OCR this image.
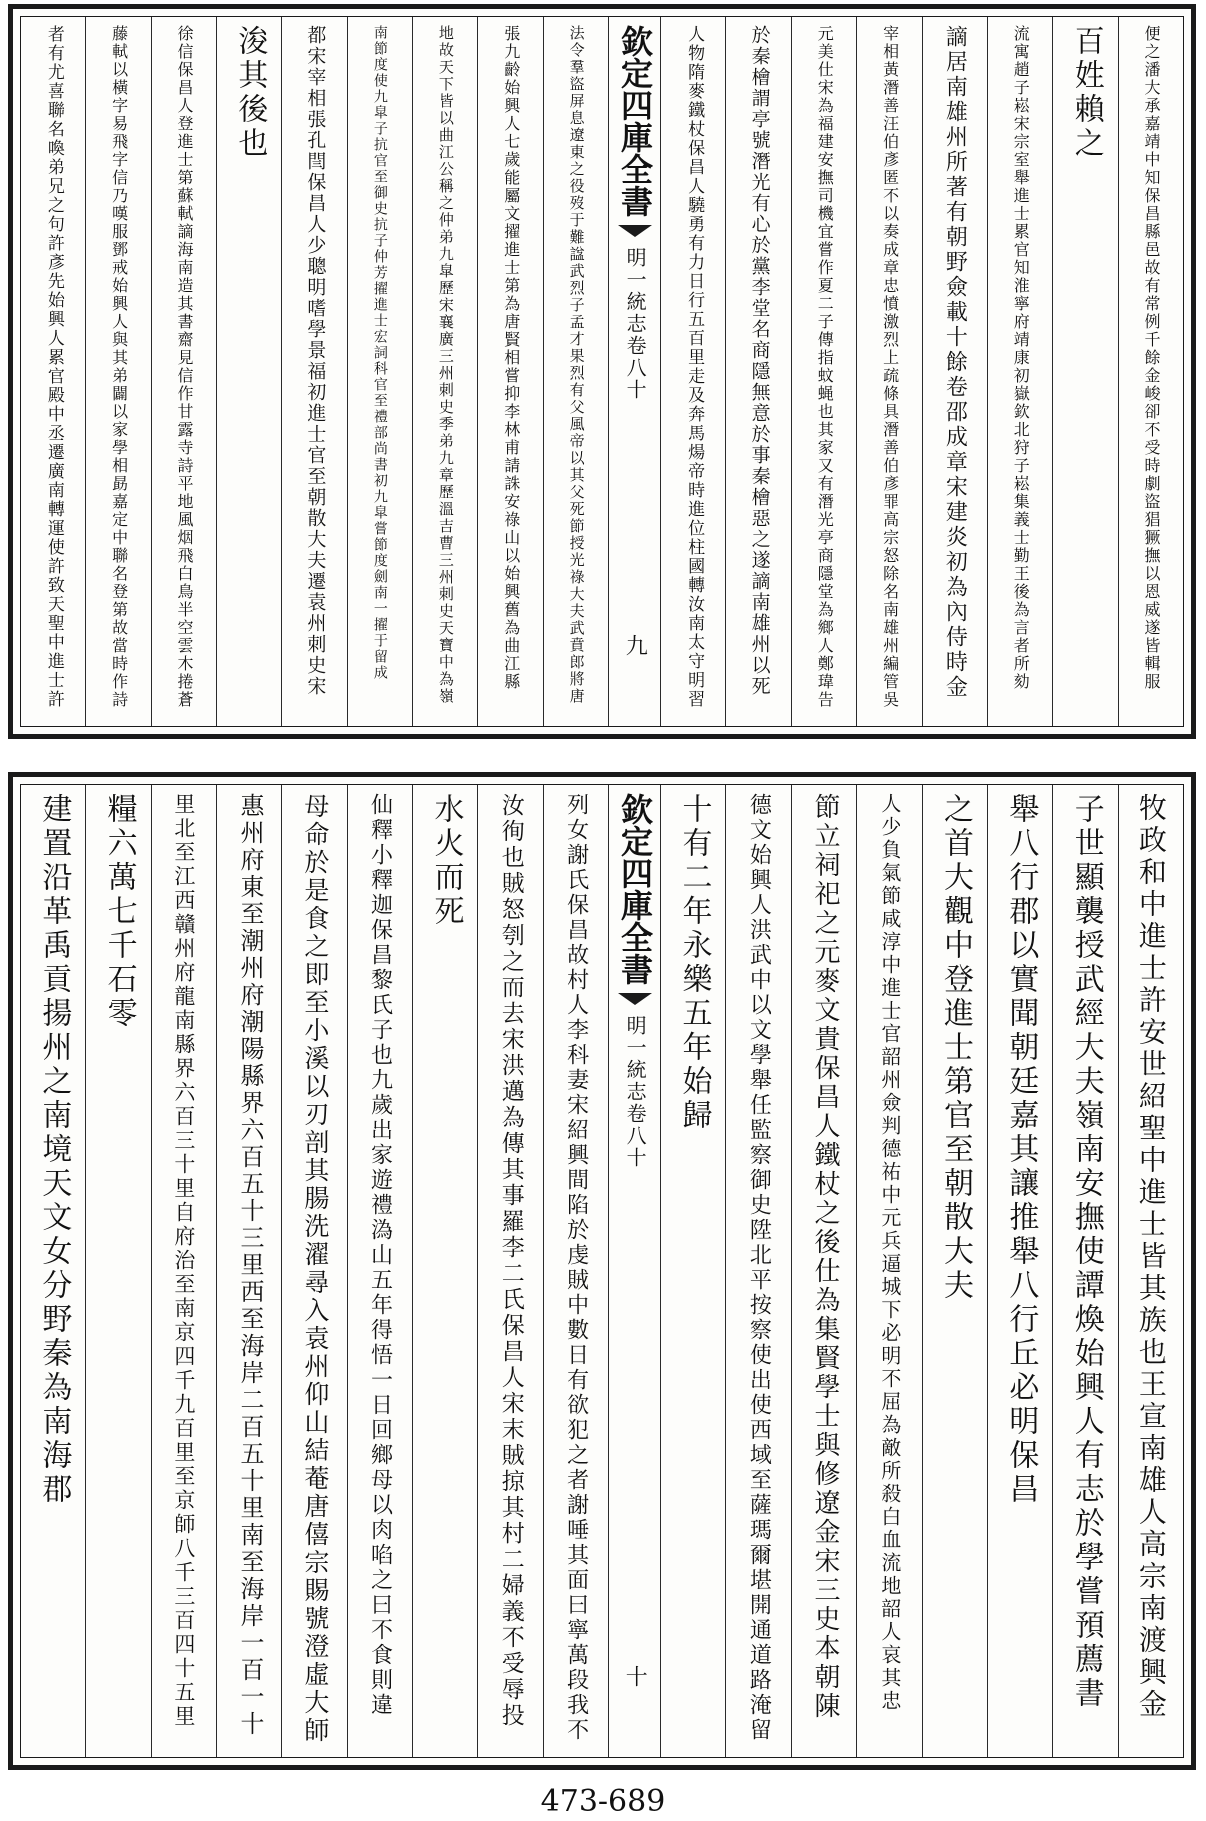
便之潘大承嘉靖中知保昌縣邑故有常例千餘金峻卻不受時劇盜猖獗撫以恩威遂皆輯服
百姓賴之
流寓趙子崧宋宗室舉進士累官知淮寧府靖康初嶽欽北狩子崧集義士勤王後為言者所劾
謫居南雄州所著有朝野僉載十餘卷邵成章宋建炎初為內侍時金
宰相黃潛善汪伯彥匿不以奏成章忠憤激烈上疏條具潛善伯彥罪高宗怒除名南雄州編管吳
元美仕宋為福建安撫司機宜嘗作夏二子傳指蚊蝇也其家又有潛光亭商隱堂為鄉人鄭瑋告
於秦檜謂亭號潛光有心於黨李堂名商隱無意於事秦檜惡之遂謫南雄州以死
人物隋麥鐵杖保昌人驍勇有力日行五百里走及奔馬煬帝時進位柱國轉汝南太守明習
欽定四庫全書
明一統志
卷八十
九
法令羣盜屏息遼東之役歿于難諡武烈子孟才果烈有父風帝以其父死節授光祿大夫武賁郎將唐
張九齡始興人七歲能屬文擢進士第為唐賢相嘗抑李林甫請誅安祿山以始興舊為曲江縣
地故天下皆以曲江公稱之仲弟九皐歷宋襄廣三州刺史季弟九章歷溫吉曹三州刺史天寶中為嶺
南節度使九皐子抗官至御史抗子仲芳擢進士宏詞科官至禮部尚書初九皐嘗節度劍南一擢于留成
都宋宰相張孔閆保昌人少聰明嗜學景福初進士官至朝散大夫遷袁州刺史宋
浚其後也
徐信保昌人登進士第蘇軾謫海南造其書齋見信作甘露寺詩平地風烟飛白鳥半空雲木捲蒼
藤軾以橫字易飛字信乃嘆服鄧戒始興人與其弟闢以家學相勗嘉定中聯名登第故當時作詩
者有尤喜聯名喚弟兄之句許彥先始興人累官殿中丞遷廣南轉運使許致天聖中進士許
牧政和中進士許安世紹聖中進士皆其族也王宣南雄人高宗南渡興金
子世顯襲授武經大夫嶺南安撫使譚煥始興人有志於學嘗預薦書
舉八行郡以實聞朝廷嘉其讓推舉八行丘必明保昌
之首大觀中登進士第官至朝散大夫
人少負氣節咸淳中進士官韶州僉判德祐中元兵逼城下必明不屈為敵所殺白血流地韶人哀其忠
節立祠祀之元麥文貴保昌人鐵杖之後仕為集賢學士與修遼金宋三史本朝陳
德文始興人洪武中以文學舉任監察御史陞北平按察使出使西域至薩瑪爾堪開通道路淹留
十有二年永樂五年始歸
欽定四庫全書
明一統志
卷八十
十
列女謝氏保昌故村人李科妻宋紹興間陷於虔賊中數日有欲犯之者謝唾其面曰寧萬段我不
汝徇也賊怒刳之而去宋洪邁為傳其事羅李二氏保昌人宋末賊掠其村二婦義不受辱投
水火而死
仙釋小釋迦保昌黎氏子也九歲出家遊禮溈山五年得悟一日回鄉母以肉啗之曰不食則違
母命於是食之即至小溪以刃剖其腸洗濯尋入袁州仰山結菴唐僖宗賜號澄虛大師
惠州府東至潮州府潮陽縣界六百五十三里西至海岸二百五十里南至海岸一百一十
里北至江西贛州府龍南縣界六百三十里自府治至南京四千九百里至京師八千三百四十五里
糧六萬七千石零
建置沿革禹貢揚州之南境天文女分野秦為南海郡
473-689
